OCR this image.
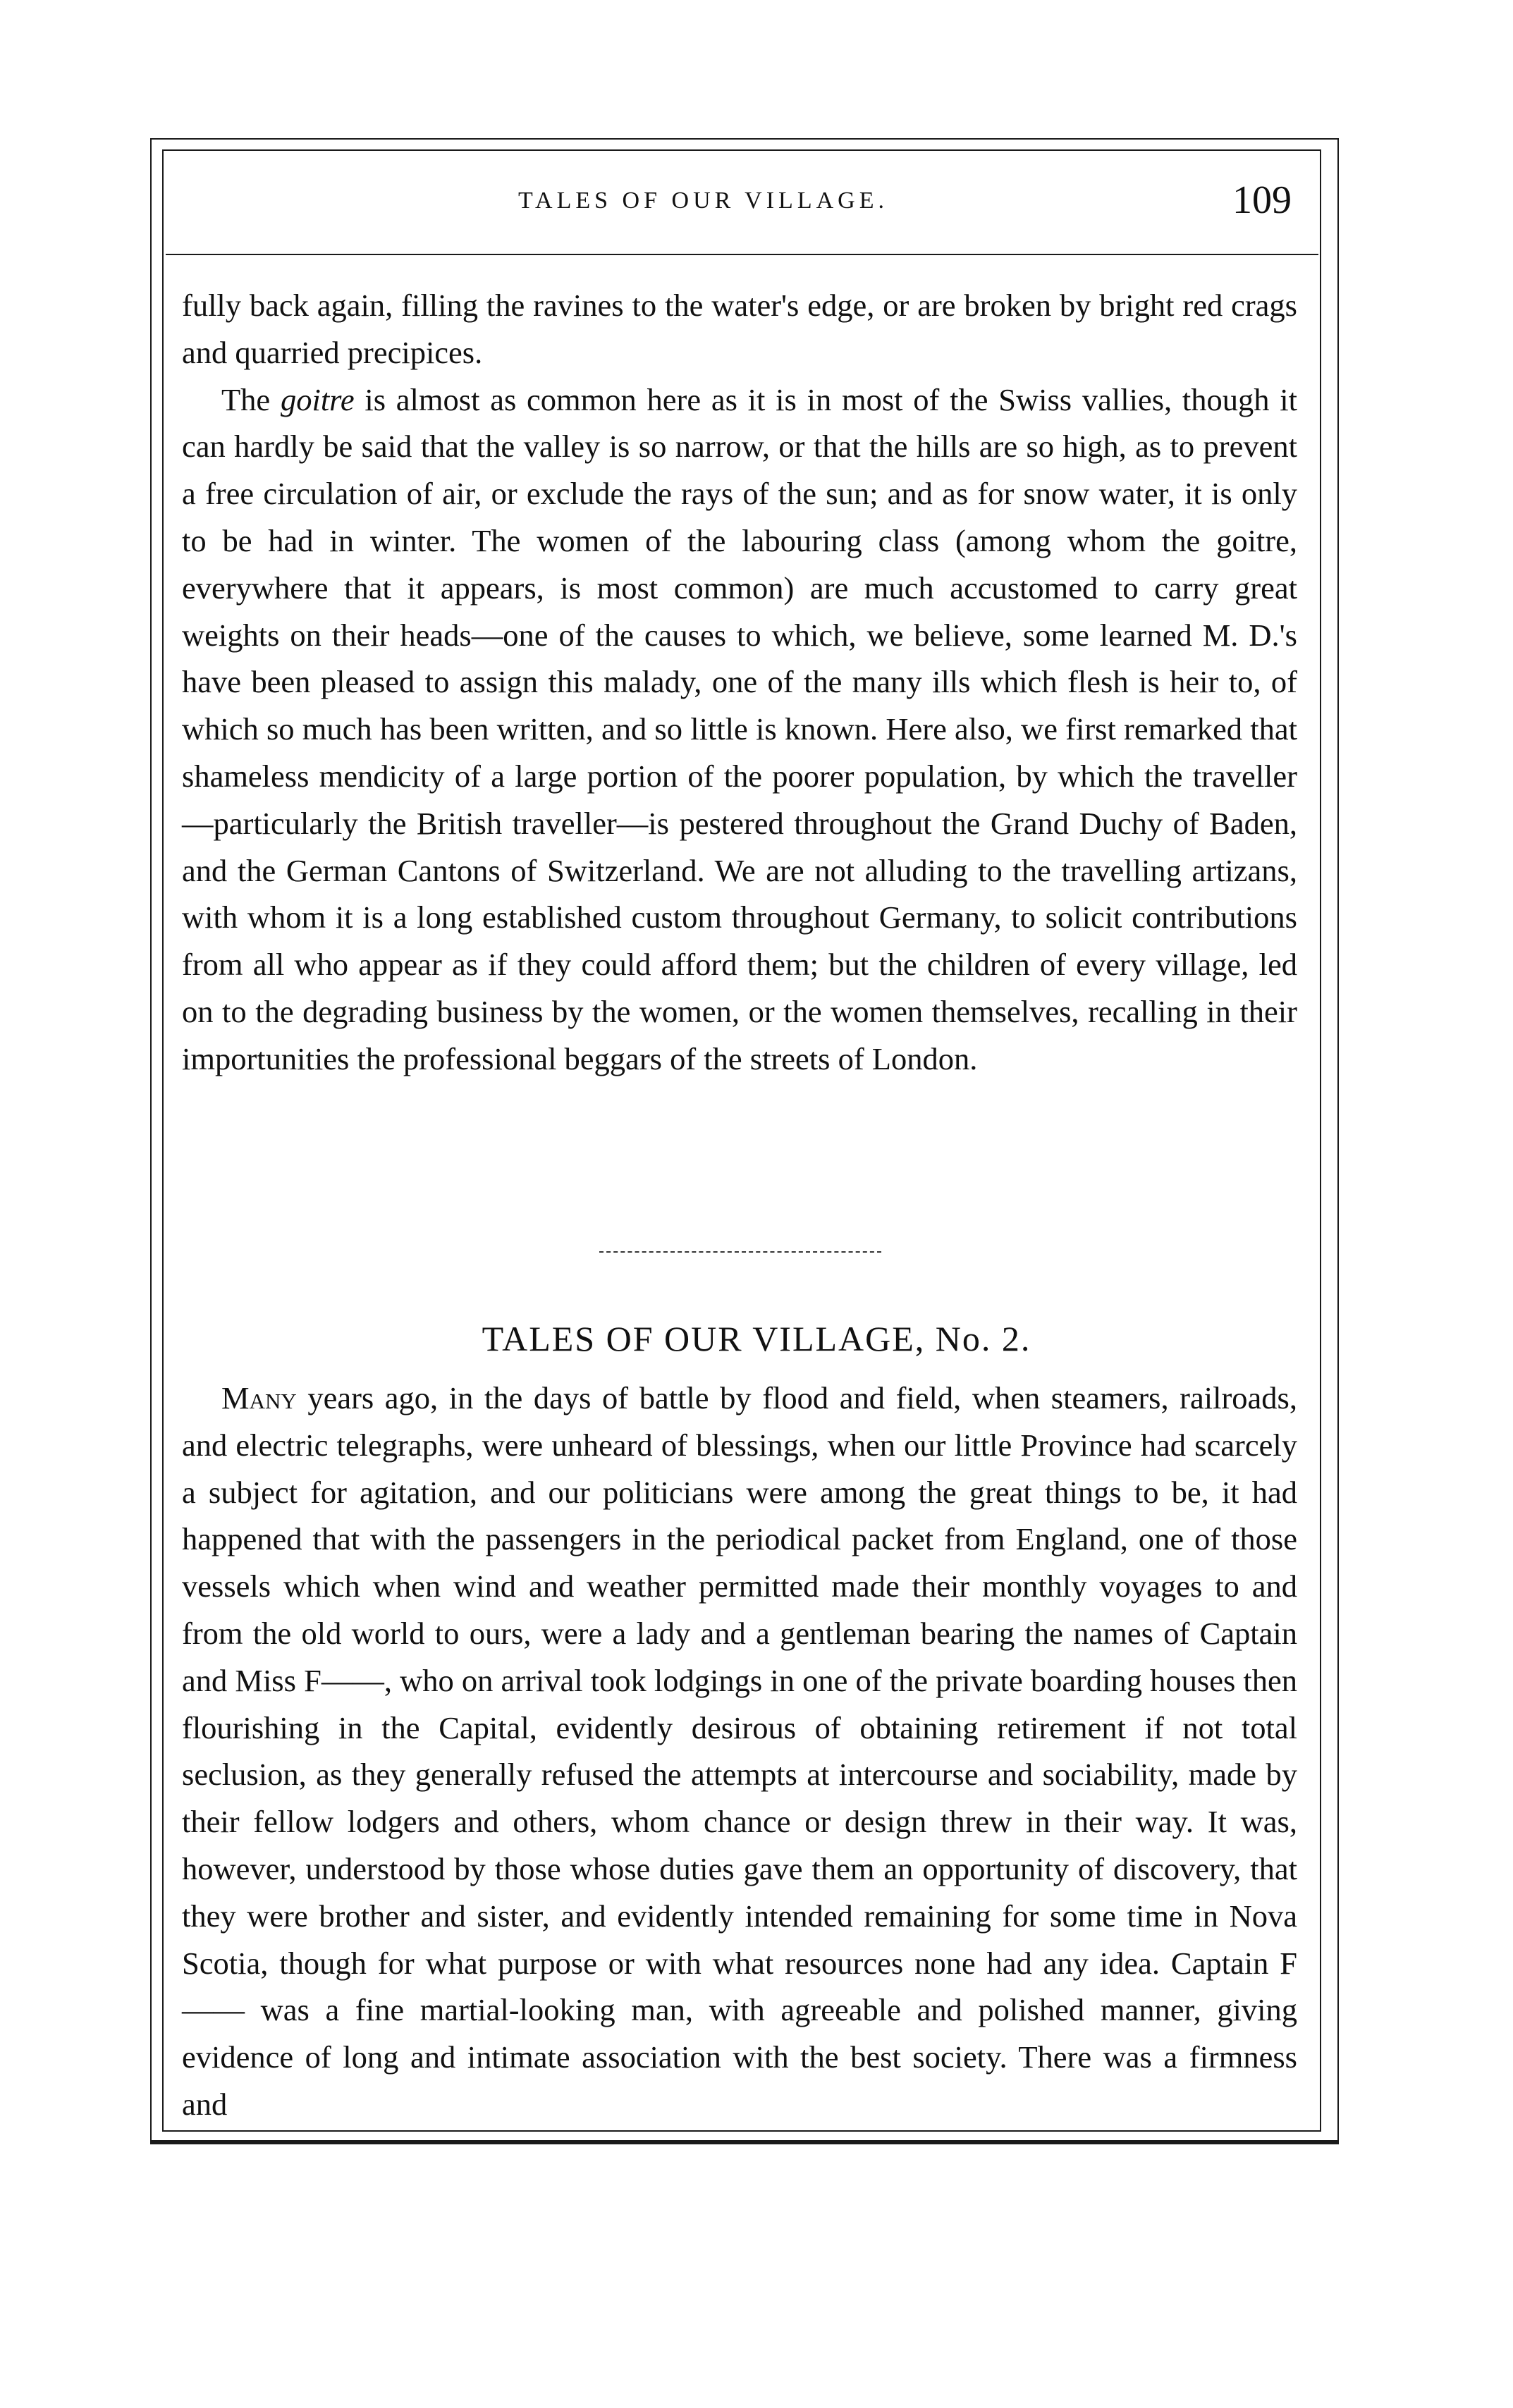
TALES OF OUR VILLAGE.	109

fully back again, filling the ravines to the water's edge, or are broken by bright red crags and quarried precipices.

The goitre is almost as common here as it is in most of the Swiss vallies, though it can hardly be said that the valley is so narrow, or that the hills are so high, as to prevent a free circulation of air, or exclude the rays of the sun; and as for snow water, it is only to be had in winter. The women of the labouring class (among whom the goitre, everywhere that it appears, is most common) are much accustomed to carry great weights on their heads—one of the causes to which, we believe, some learned M. D.'s have been pleased to assign this malady, one of the many ills which flesh is heir to, of which so much has been written, and so little is known. Here also, we first remarked that shameless mendicity of a large portion of the poorer population, by which the traveller—particularly the British traveller—is pestered throughout the Grand Duchy of Baden, and the German Cantons of Switzerland. We are not alluding to the travelling artizans, with whom it is a long established custom throughout Germany, to solicit contributions from all who appear as if they could afford them; but the children of every village, led on to the degrading business by the women, or the women themselves, recalling in their importunities the professional beggars of the streets of London.

TALES OF OUR VILLAGE, No. 2.

Many years ago, in the days of battle by flood and field, when steamers, railroads, and electric telegraphs, were unheard of blessings, when our little Province had scarcely a subject for agitation, and our politicians were among the great things to be, it had happened that with the passengers in the periodical packet from England, one of those vessels which when wind and weather permitted made their monthly voyages to and from the old world to ours, were a lady and a gentleman bearing the names of Captain and Miss F——, who on arrival took lodgings in one of the private boarding houses then flourishing in the Capital, evidently desirous of obtaining retirement if not total seclusion, as they generally refused the attempts at intercourse and sociability, made by their fellow lodgers and others, whom chance or design threw in their way. It was, however, understood by those whose duties gave them an opportunity of discovery, that they were brother and sister, and evidently intended remaining for some time in Nova Scotia, though for what purpose or with what resources none had any idea. Captain F—— was a fine martial-looking man, with agreeable and polished manner, giving evidence of long and intimate association with the best society. There was a firmness and
